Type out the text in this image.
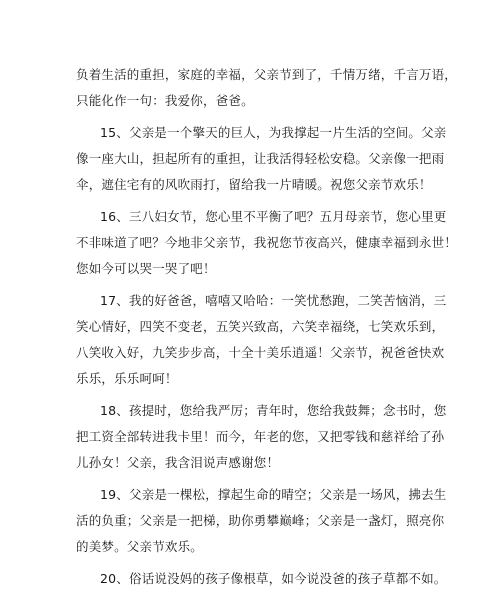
负着生活的重担，家庭的幸福，父亲节到了，千情万绪，千言万语，
只能化作一句：我爱你，爸爸。
15、父亲是一个擎天的巨人，为我撑起一片生活的空间。父亲
像一座大山，担起所有的重担，让我活得轻松安稳。父亲像一把雨
伞，遮住宅有的风吹雨打，留给我一片晴暖。祝您父亲节欢乐！
16、三八妇女节，您心里不平衡了吧？五月母亲节，您心里更
不非味道了吧？今地非父亲节，我祝您节夜高兴，健康幸福到永世！
您如今可以哭一哭了吧！
17、我的好爸爸，嘻嘻又哈哈：一笑忧愁跑，二笑苦恼消，三
笑心情好，四笑不变老，五笑兴致高，六笑幸福绕，七笑欢乐到，
八笑收入好，九笑步步高，十全十美乐逍遥！父亲节，祝爸爸快欢
乐乐，乐乐呵呵！
18、孩提时，您给我严厉；青年时，您给我鼓舞；念书时，您
把工资全部转进我卡里！而今，年老的您，又把零钱和慈祥给了孙
儿孙女！父亲，我含泪说声感谢您！
19、父亲是一棵松，撑起生命的晴空；父亲是一场风，拂去生
活的负重；父亲是一把梯，助你勇攀巅峰；父亲是一盏灯，照亮你
的美梦。父亲节欢乐。
20、俗话说没妈的孩子像根草，如今说没爸的孩子草都不如。
